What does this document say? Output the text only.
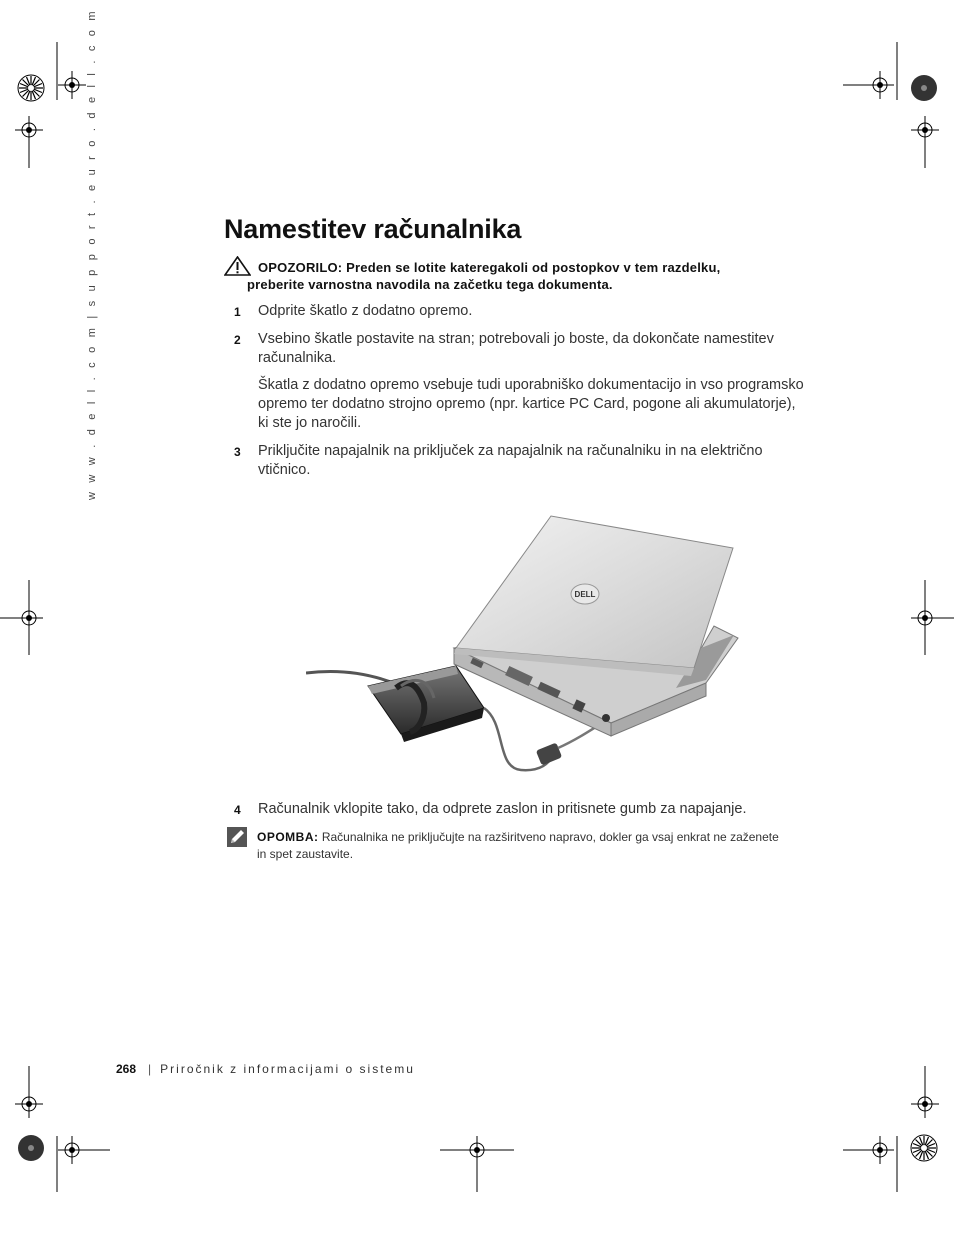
w w w . d e l l . c o m | s u p p o r t . e u r o . d e l l . c o m	Namestitev računalnika
OPOZORILO: Preden se lotite kateregakoli od postopkov v tem razdelku,
preberite varnostna navodila na začetku tega dokumenta.
1 Odprite škatlo z dodatno opremo.
2 Vsebino škatle postavite na stran; potrebovali jo boste, da dokončate namestitev računalnika.
Škatla z dodatno opremo vsebuje tudi uporabniško dokumentacijo in vso programsko opremo ter dodatno strojno opremo (npr. kartice PC Card, pogone ali akumulatorje), ki ste jo naročili.
3 Priključite napajalnik na priključek za napajalnik na računalniku in na električno vtičnico.
DELL
4 Računalnik vklopite tako, da odprete zaslon in pritisnete gumb za napajanje.
OPOMBA: Računalnika ne priključujte na razširitveno napravo, dokler ga vsaj enkrat ne zaženete in spet zaustavite.
268 | Priročnik z informacijami o sistemu
